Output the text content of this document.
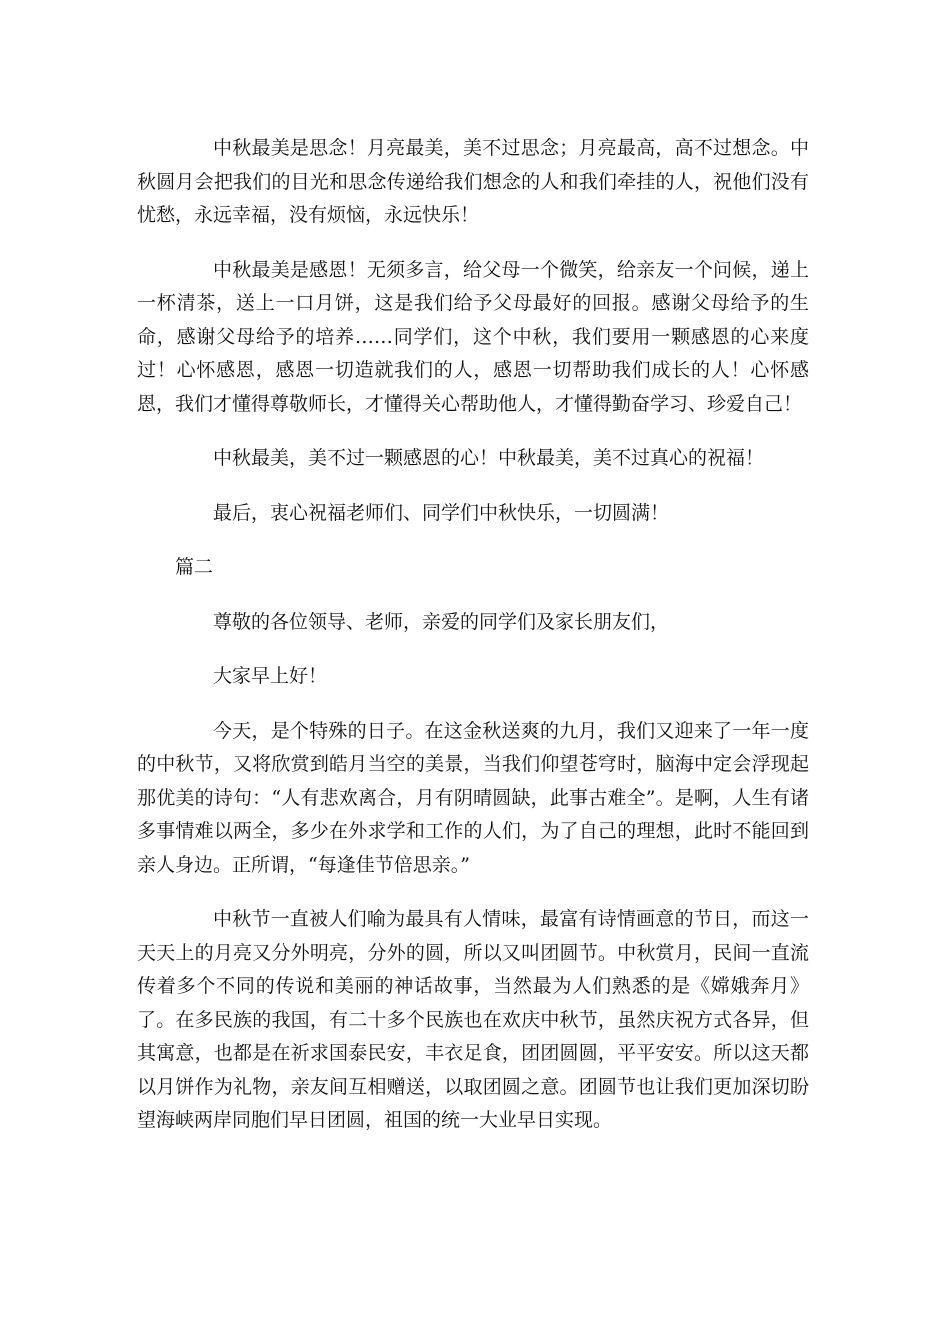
中秋最美是思念！月亮最美，美不过思念；月亮最高，高不过想念。中秋圆月会把我们的目光和思念传递给我们想念的人和我们牵挂的人，祝他们没有忧愁，永远幸福，没有烦恼，永远快乐！

中秋最美是感恩！无须多言，给父母一个微笑，给亲友一个问候，递上一杯清茶，送上一口月饼，这是我们给予父母最好的回报。感谢父母给予的生命，感谢父母给予的培养……同学们，这个中秋，我们要用一颗感恩的心来度过！心怀感恩，感恩一切造就我们的人，感恩一切帮助我们成长的人！心怀感恩，我们才懂得尊敬师长，才懂得关心帮助他人，才懂得勤奋学习、珍爱自己！

中秋最美，美不过一颗感恩的心！中秋最美，美不过真心的祝福！

最后，衷心祝福老师们、同学们中秋快乐，一切圆满！

篇二

尊敬的各位领导、老师，亲爱的同学们及家长朋友们，

大家早上好！

今天，是个特殊的日子。在这金秋送爽的九月，我们又迎来了一年一度的中秋节，又将欣赏到皓月当空的美景，当我们仰望苍穹时，脑海中定会浮现起那优美的诗句：“人有悲欢离合，月有阴晴圆缺，此事古难全”。是啊，人生有诸多事情难以两全，多少在外求学和工作的人们，为了自己的理想，此时不能回到亲人身边。正所谓，“每逢佳节倍思亲。”

中秋节一直被人们喻为最具有人情味，最富有诗情画意的节日，而这一天天上的月亮又分外明亮，分外的圆，所以又叫团圆节。中秋赏月，民间一直流传着多个不同的传说和美丽的神话故事，当然最为人们熟悉的是《嫦娥奔月》了。在多民族的我国，有二十多个民族也在欢庆中秋节，虽然庆祝方式各异，但其寓意，也都是在祈求国泰民安，丰衣足食，团团圆圆，平平安安。所以这天都以月饼作为礼物，亲友间互相赠送，以取团圆之意。团圆节也让我们更加深切盼望海峡两岸同胞们早日团圆，祖国的统一大业早日实现。
